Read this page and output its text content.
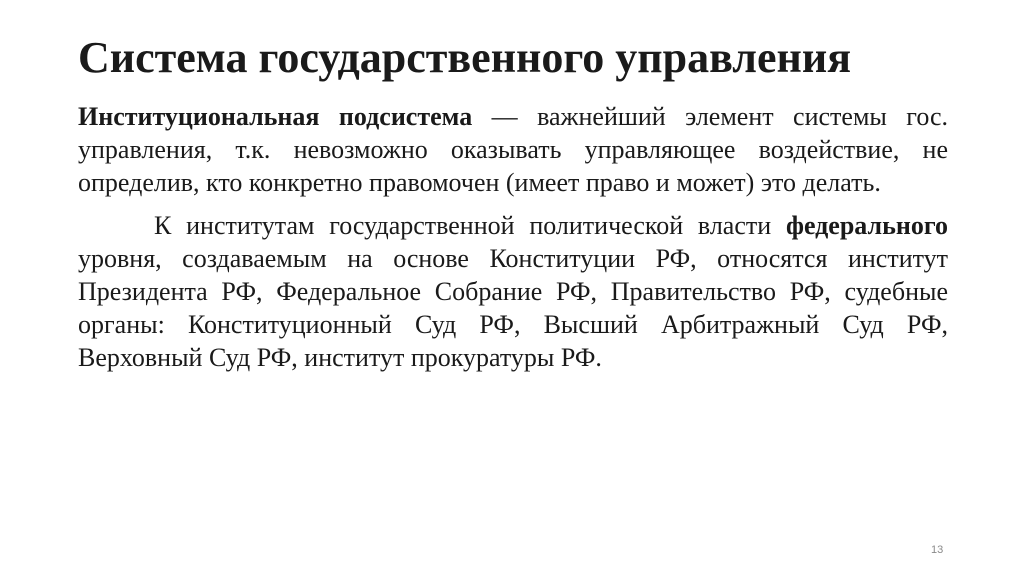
Система государственного управления

Институциональная подсистема — важнейший элемент системы гос. управления, т.к. невозможно оказывать управляющее воздействие, не определив, кто конкретно правомочен (имеет право и может) это делать.

К институтам государственной политической власти федерального уровня, создаваемым на основе Конституции РФ, относятся институт Президента РФ, Федеральное Собрание РФ, Правительство РФ, судебные органы: Конституционный Суд РФ, Высший Арбитражный Суд РФ, Верховный Суд РФ, институт прокуратуры РФ.

13
